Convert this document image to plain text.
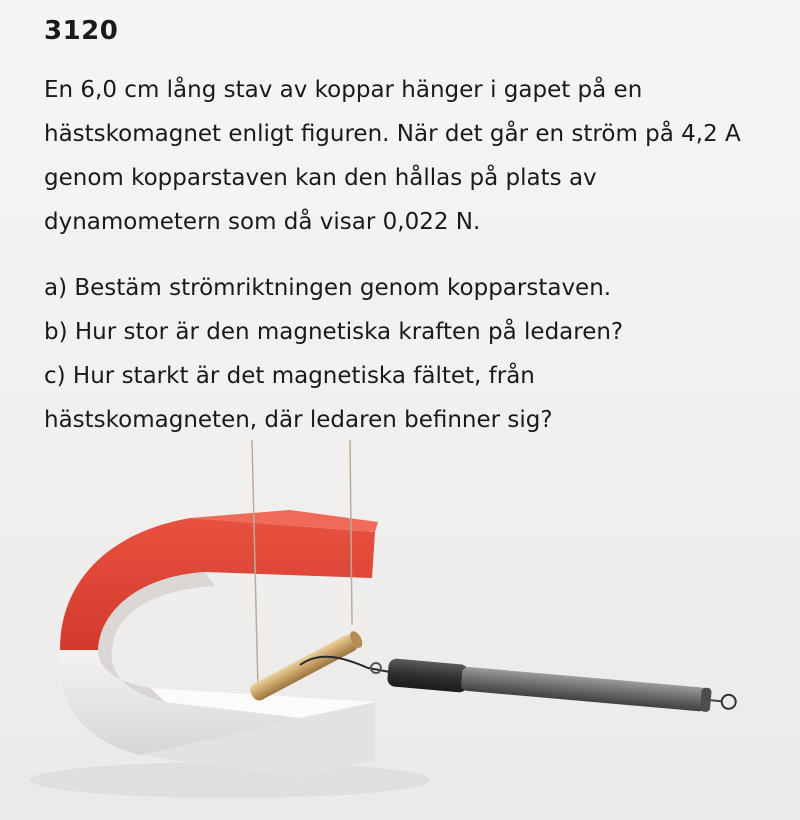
3120
En 6,0 cm lång stav av koppar hänger i gapet på en
hästskomagnet enligt figuren. När det går en ström på 4,2 A
genom kopparstaven kan den hållas på plats av
dynamometern som då visar 0,022 N.
a) Bestäm strömriktningen genom kopparstaven.
b) Hur stor är den magnetiska kraften på ledaren?
c) Hur starkt är det magnetiska fältet, från
hästskomagneten, där ledaren befinner sig?
